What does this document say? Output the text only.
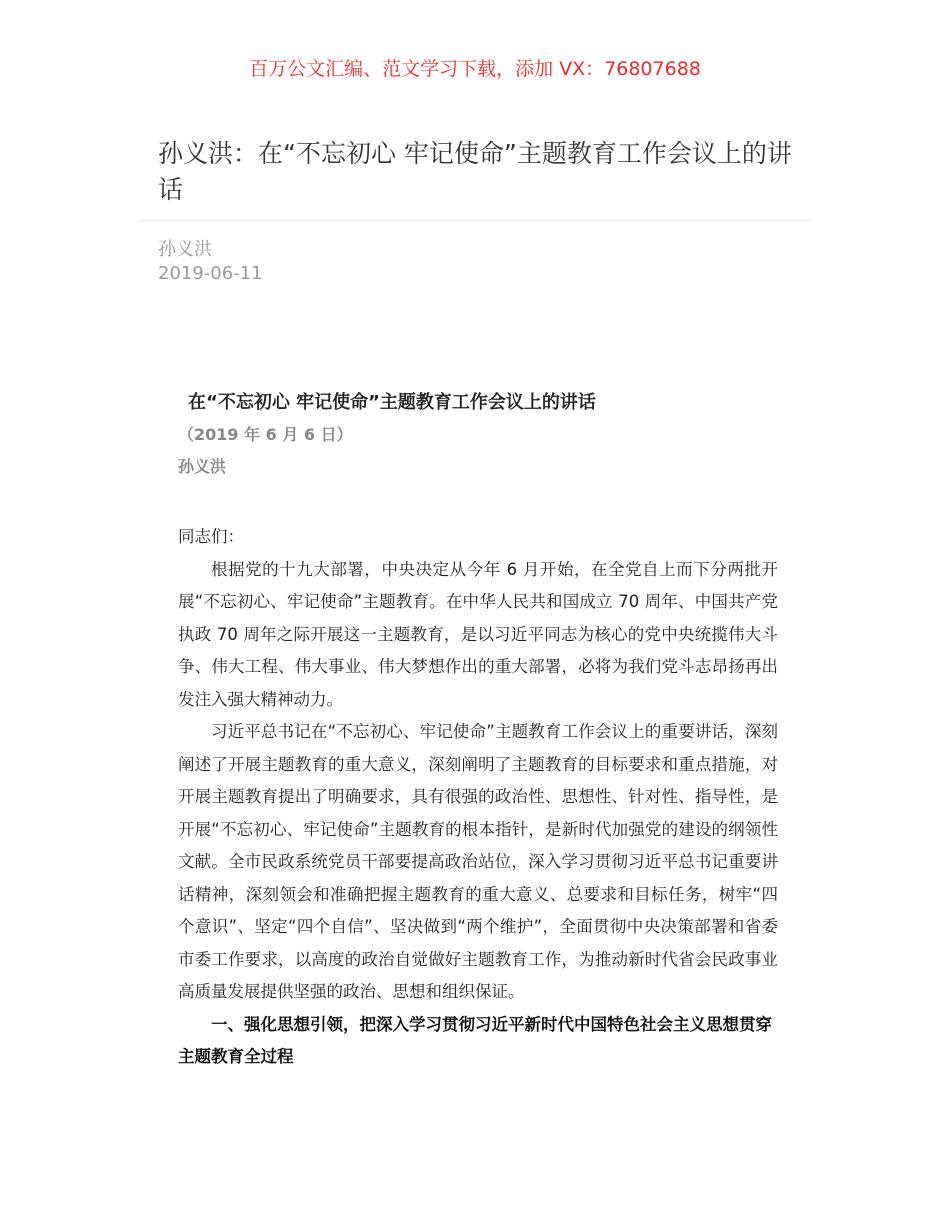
百万公文汇编、范文学习下载，添加 VX：76807688
孙义洪：在“不忘初心 牢记使命”主题教育工作会议上的讲话
孙义洪
2019-06-11

在“不忘初心 牢记使命”主题教育工作会议上的讲话

（2019 年 6 月 6 日）

孙义洪

同志们：

根据党的十九大部署，中央决定从今年 6 月开始，在全党自上而下分两批开展“不忘初心、牢记使命”主题教育。在中华人民共和国成立 70 周年、中国共产党执政 70 周年之际开展这一主题教育，是以习近平同志为核心的党中央统揽伟大斗争、伟大工程、伟大事业、伟大梦想作出的重大部署，必将为我们党斗志昂扬再出发注入强大精神动力。

习近平总书记在“不忘初心、牢记使命”主题教育工作会议上的重要讲话，深刻阐述了开展主题教育的重大意义，深刻阐明了主题教育的目标要求和重点措施，对开展主题教育提出了明确要求，具有很强的政治性、思想性、针对性、指导性，是开展“不忘初心、牢记使命”主题教育的根本指针，是新时代加强党的建设的纲领性文献。全市民政系统党员干部要提高政治站位，深入学习贯彻习近平总书记重要讲话精神，深刻领会和准确把握主题教育的重大意义、总要求和目标任务，树牢“四个意识”、坚定“四个自信”、坚决做到“两个维护”，全面贯彻中央决策部署和省委市委工作要求，以高度的政治自觉做好主题教育工作，为推动新时代省会民政事业高质量发展提供坚强的政治、思想和组织保证。

一、强化思想引领，把深入学习贯彻习近平新时代中国特色社会主义思想贯穿主题教育全过程
